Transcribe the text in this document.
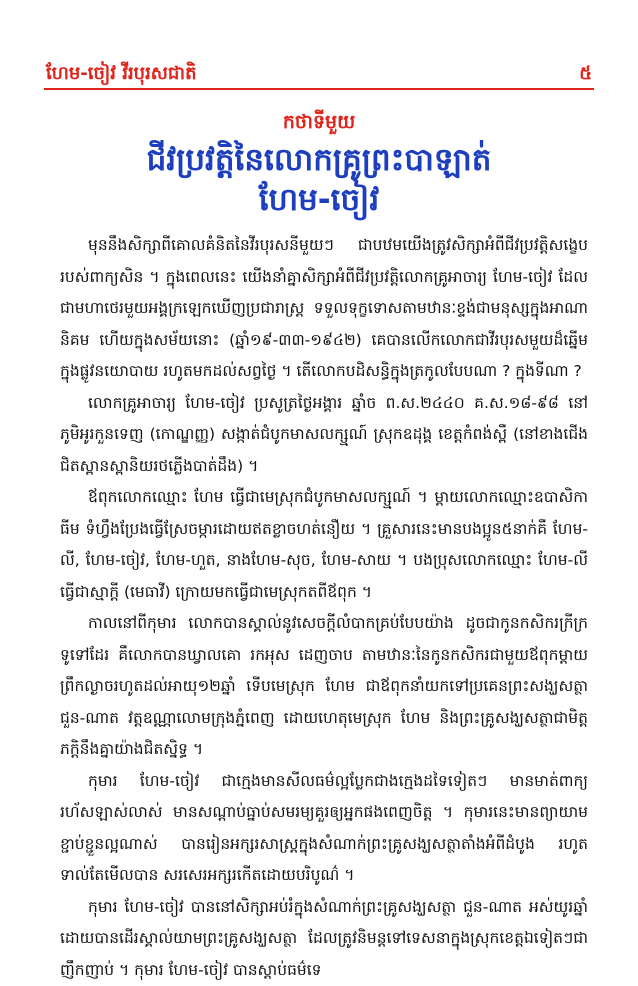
ហែម-ចៀវ វីរបុរសជាតិ	៥
កថាទីមួយ
ជីវប្រវត្តិនៃលោកគ្រូព្រះបាឡាត់
ហែម-ចៀវ

មុននឹងសិក្សាពីគោលគំនិតនៃវីរបុរសនីមួយៗ ជាបឋមយើងត្រូវសិក្សាអំពីជីវប្រវត្តិសង្ខេបរបស់ពាក្យសិន ។ ក្នុងពេលនេះ យើងនាំគ្នាសិក្សាអំពីជីវប្រវត្តិលោកគ្រូអាចារ្យ ហែម-ចៀវ ដែលជាមហាថេរមួយអង្គក្រឡេកឃើញប្រជារាស្ត្រ ទទួលទុក្ខទោសតាមឋានៈខ្ទង់ជាមនុស្សក្នុងអាណានិគម ហើយក្នុងសម័យនោះ (ឆ្នាំ១៩-៣៣-១៩៤២) គេបានលើកលោកជាវីរបុរសមួយដ៏ឆ្នើមក្នុងផ្លូវនយោបាយ រហូតមកដល់សព្វថ្ងៃ ។ តើលោកបដិសន្ធិក្នុងត្រកូលបែបណា ? ក្នុងទីណា ?

លោកគ្រូអាចារ្យ ហែម-ចៀវ ប្រសូត្រថ្ងៃអង្គារ ឆ្នាំច ព.ស.២៤៤០ គ.ស.១៨-៩៨ នៅភូមិអូរកួនទេញ (កោណ្ឌញ្ញ) សង្កាត់ជំបូកមាសលក្ស្មណ៍ ស្រុកឧដុង្គ ខេត្តកំពង់ស្ពឺ (នៅខាងជើងជិតស្ពានស្ពានិយរថភ្លើងបាត់ដឹង) ។

ឪពុកលោកឈ្មោះ ហែម ធ្វើជាមេស្រុកជំបូកមាសលក្ស្មណ៍ ។ ម្ដាយលោកឈ្មោះឧបាសិកា ធីម ទំហ្វឹងប្រែងធ្វើស្រែចម្ការដោយឥតខ្លាចហត់នឿយ ។ គ្រួសារនេះមានបងប្អូន៥នាក់គឺ ហែម-លី, ហែម-ចៀវ, ហែម-ហួត, នាងហែម-សុច, ហែម-សាយ ។ បងប្រុសលោកឈ្មោះ ហែម-លី ធ្វើជាស្មាក្តី (មេធាវី) ក្រោយមកធ្វើជាមេស្រុកតពីឪពុក ។

កាលនៅពីកុមារ លោកបានស្គាល់នូវសេចក្ដីលំបាកគ្រប់បែបយ៉ាង ដូចជាកូនកសិករក្រីក្រទូទៅដែរ គឺលោកបានឃ្វាលគោ រកអុស ដេញចាប តាមឋានៈនៃកូនកសិករជាមួយឪពុកម្ដាយព្រឹកល្ងាចរហូតដល់អាយុ១២ឆ្នាំ ទើបមេស្រុក ហែម ជាឪពុកនាំយកទៅប្រគេនព្រះសង្ឃសត្ថា ជួន-ណាត វត្តឧណ្ណាលោមក្រុងភ្នំពេញ ដោយហេតុមេស្រុក ហែម និងព្រះគ្រូសង្ឃសត្ថាជាមិត្តភក្តិនឹងគ្នាយ៉ាងជិតស្និទ្ធ ។

កុមារ ហែម-ចៀវ ជាក្មេងមានសីលធម៌ល្អប្លែកជាងក្មេងដទៃទៀតៗ មានមាត់ពាក្យរហ័សឡាស់លាស់ មានសណ្ដាប់ធ្នាប់សមរម្យគួរឲ្យអ្នកផងពេញចិត្ត ។ កុមារនេះមានព្យាយាមខ្ជាប់ខ្ជួនល្អណាស់ បានរៀនអក្សរសាស្ត្រក្នុងសំណាក់ព្រះគ្រូសង្ឃសត្ថាតាំងអំពីដំបូង រហូតទាល់តែមើលបាន សរសេរអក្សរកើតដោយបរិបូណ៌ ។

កុមារ ហែម-ចៀវ បាននៅសិក្សាអប់រំក្នុងសំណាក់ព្រះគ្រូសង្ឃសត្ថា ជួន-ណាត អស់យូរឆ្នាំដោយបានដើរស្គាល់យាមព្រះគ្រូសង្ឃសត្ថា ដែលត្រូវនិមន្តទៅទេសនាក្នុងស្រុកខេត្តឯទៀតៗជាញឹកញាប់ ។ កុមារ ហែម-ចៀវ បានស្ដាប់ធម៌ទេ
